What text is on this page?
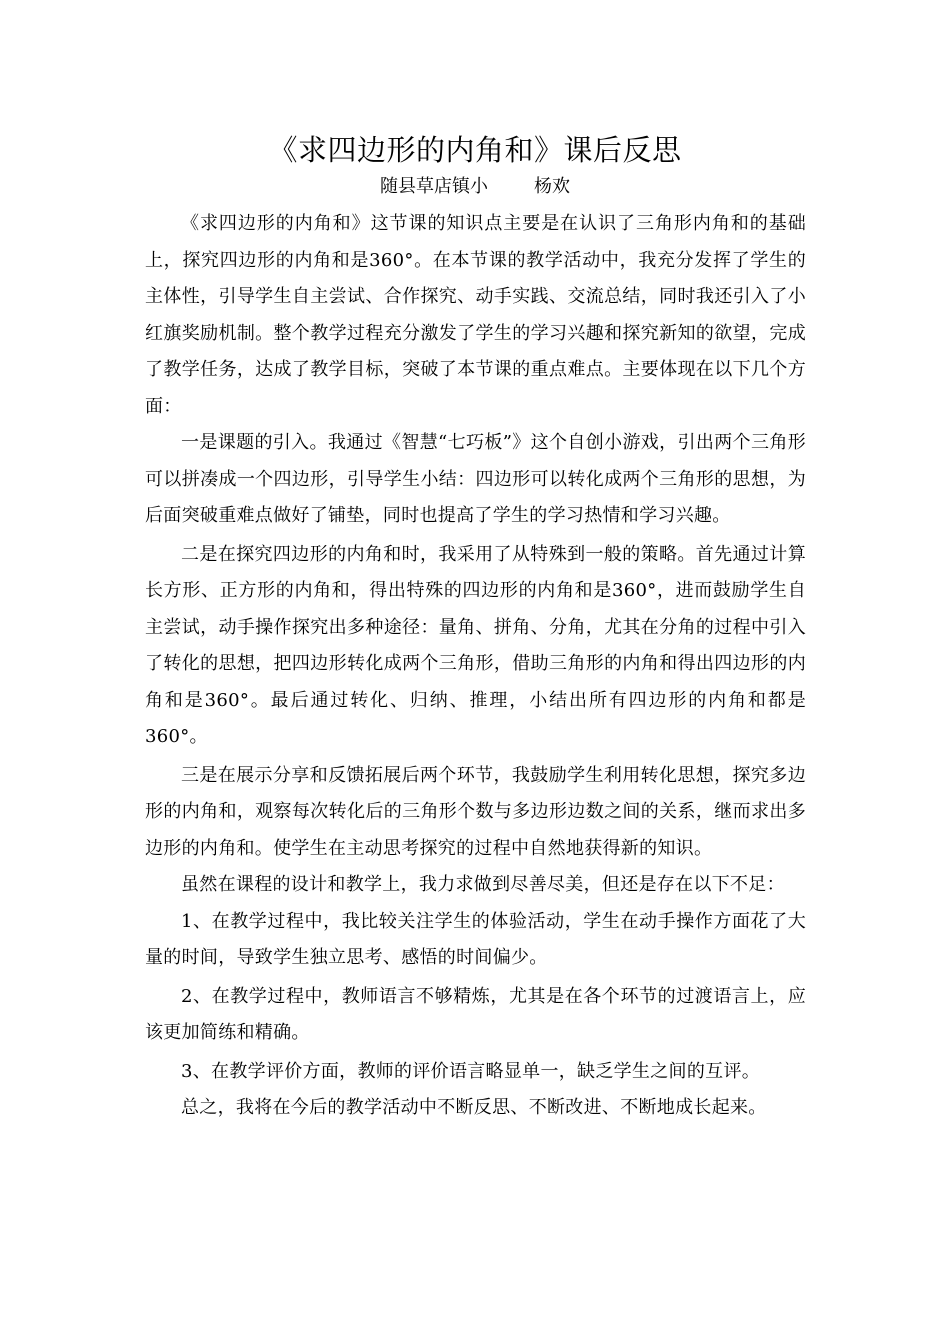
《求四边形的内角和》课后反思
随县草店镇小	杨欢

《求四边形的内角和》这节课的知识点主要是在认识了三角形内角和的基础上，探究四边形的内角和是360°。在本节课的教学活动中，我充分发挥了学生的主体性，引导学生自主尝试、合作探究、动手实践、交流总结，同时我还引入了小红旗奖励机制。整个教学过程充分激发了学生的学习兴趣和探究新知的欲望，完成了教学任务，达成了教学目标，突破了本节课的重点难点。主要体现在以下几个方面：

一是课题的引入。我通过《智慧“七巧板”》这个自创小游戏，引出两个三角形可以拼凑成一个四边形，引导学生小结：四边形可以转化成两个三角形的思想，为后面突破重难点做好了铺垫，同时也提高了学生的学习热情和学习兴趣。

二是在探究四边形的内角和时，我采用了从特殊到一般的策略。首先通过计算长方形、正方形的内角和，得出特殊的四边形的内角和是360°，进而鼓励学生自主尝试，动手操作探究出多种途径：量角、拼角、分角，尤其在分角的过程中引入了转化的思想，把四边形转化成两个三角形，借助三角形的内角和得出四边形的内角和是360°。最后通过转化、归纳、推理，小结出所有四边形的内角和都是360°。

三是在展示分享和反馈拓展后两个环节，我鼓励学生利用转化思想，探究多边形的内角和，观察每次转化后的三角形个数与多边形边数之间的关系，继而求出多边形的内角和。使学生在主动思考探究的过程中自然地获得新的知识。

虽然在课程的设计和教学上，我力求做到尽善尽美，但还是存在以下不足：

1、在教学过程中，我比较关注学生的体验活动，学生在动手操作方面花了大量的时间，导致学生独立思考、感悟的时间偏少。

2、在教学过程中，教师语言不够精炼，尤其是在各个环节的过渡语言上，应该更加简练和精确。

3、在教学评价方面，教师的评价语言略显单一，缺乏学生之间的互评。

总之，我将在今后的教学活动中不断反思、不断改进、不断地成长起来。
